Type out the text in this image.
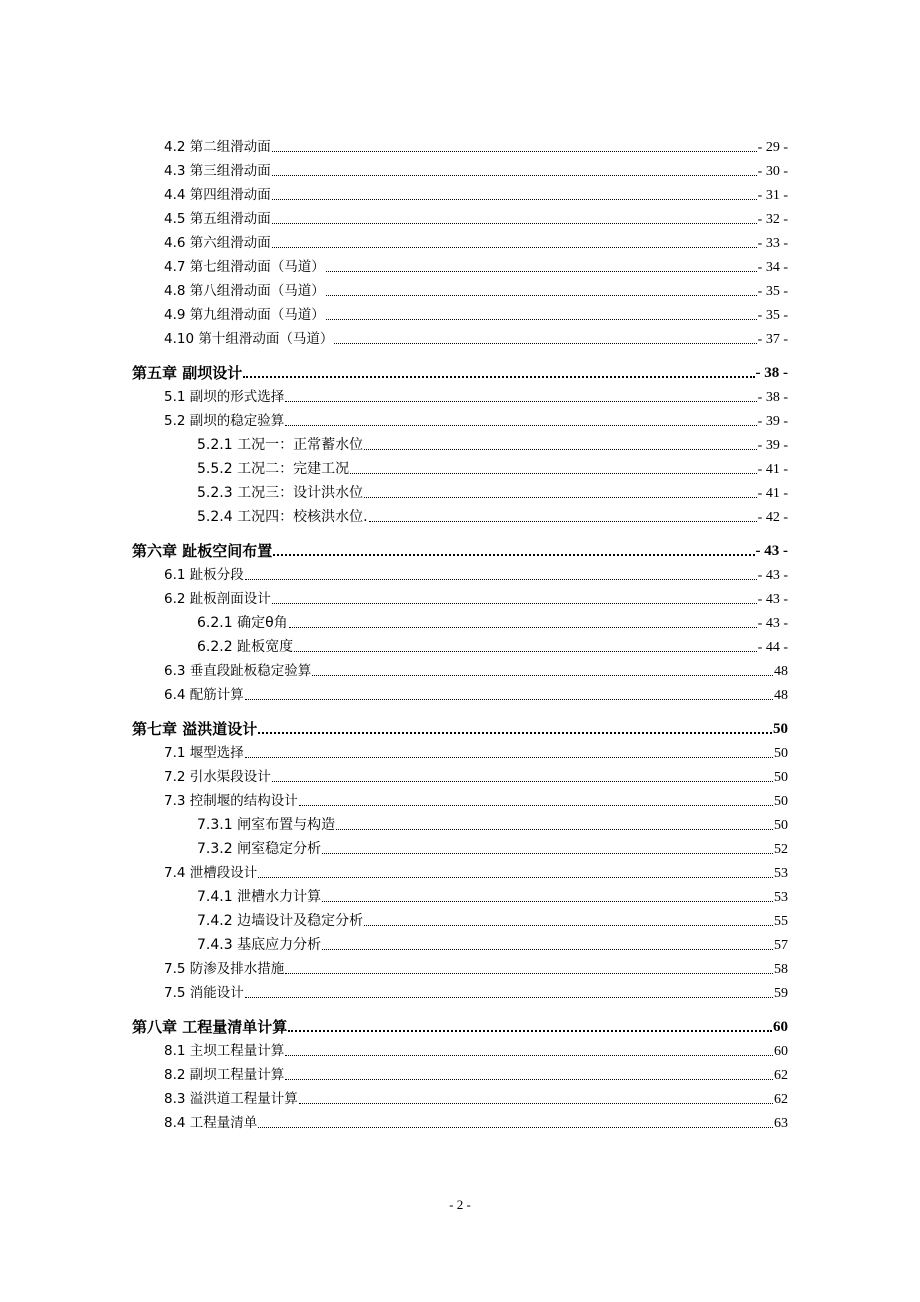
4.2 第二组滑动面	- 29 -
4.3 第三组滑动面	- 30 -
4.4 第四组滑动面	- 31 -
4.5 第五组滑动面	- 32 -
4.6 第六组滑动面	- 33 -
4.7 第七组滑动面（马道）	- 34 -
4.8 第八组滑动面（马道）	- 35 -
4.9 第九组滑动面（马道）	- 35 -
4.10 第十组滑动面（马道）	- 37 -
第五章 副坝设计	- 38 -
5.1 副坝的形式选择	- 38 -
5.2 副坝的稳定验算	- 39 -
5.2.1 工况一：正常蓄水位	- 39 -
5.5.2 工况二：完建工况	- 41 -
5.2.3 工况三：设计洪水位	- 41 -
5.2.4 工况四：校核洪水位.	- 42 -
第六章 趾板空间布置	- 43 -
6.1 趾板分段	- 43 -
6.2 趾板剖面设计	- 43 -
6.2.1 确定θ角	- 43 -
6.2.2 趾板宽度	- 44 -
6.3 垂直段趾板稳定验算	48
6.4 配筋计算	48
第七章 溢洪道设计	50
7.1 堰型选择	50
7.2 引水渠段设计	50
7.3 控制堰的结构设计	50
7.3.1 闸室布置与构造	50
7.3.2 闸室稳定分析	52
7.4 泄槽段设计	53
7.4.1 泄槽水力计算	53
7.4.2 边墙设计及稳定分析	55
7.4.3 基底应力分析	57
7.5 防渗及排水措施	58
7.5 消能设计	59
第八章 工程量清单计算	60
8.1 主坝工程量计算	60
8.2 副坝工程量计算	62
8.3 溢洪道工程量计算	62
8.4 工程量清单	63
- 2 -
